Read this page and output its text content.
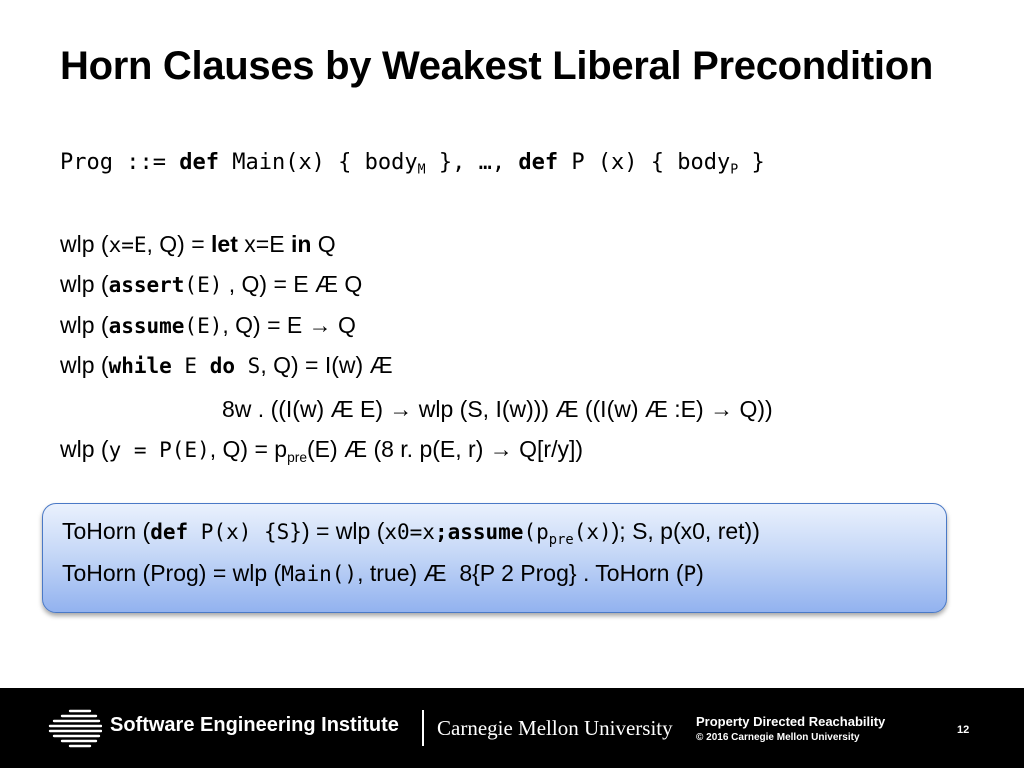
Horn Clauses by Weakest Liberal Precondition
Prog ::= def Main(x) { body$_M$ }, …, def P (x) { body$_P$ }
wlp (x=E, Q) = let x=E in Q
wlp (assert(E) , Q) = E Æ Q
wlp (assume(E), Q) = E → Q
wlp (while E do S, Q) = I(w) Æ
8w . ((I(w) Æ E) → wlp (S, I(w))) Æ ((I(w) Æ :E) → Q))
wlp (y = P(E), $Q) = p_{pre}(E)$ Æ (8 r. p(E, r) → Q[r/y])
ToHorn (def P(x) {S}) = wlp ($x0=x;assume(p_{pre}(x))$; S, p(x0, ret))
ToHorn (Prog) = wlp (Main(), true) Æ  8{P 2 Prog} . ToHorn (P)
Software Engineering Institute Carnegie Mellon University Property Directed Reachability
© 2016 Carnegie Mellon University
12
